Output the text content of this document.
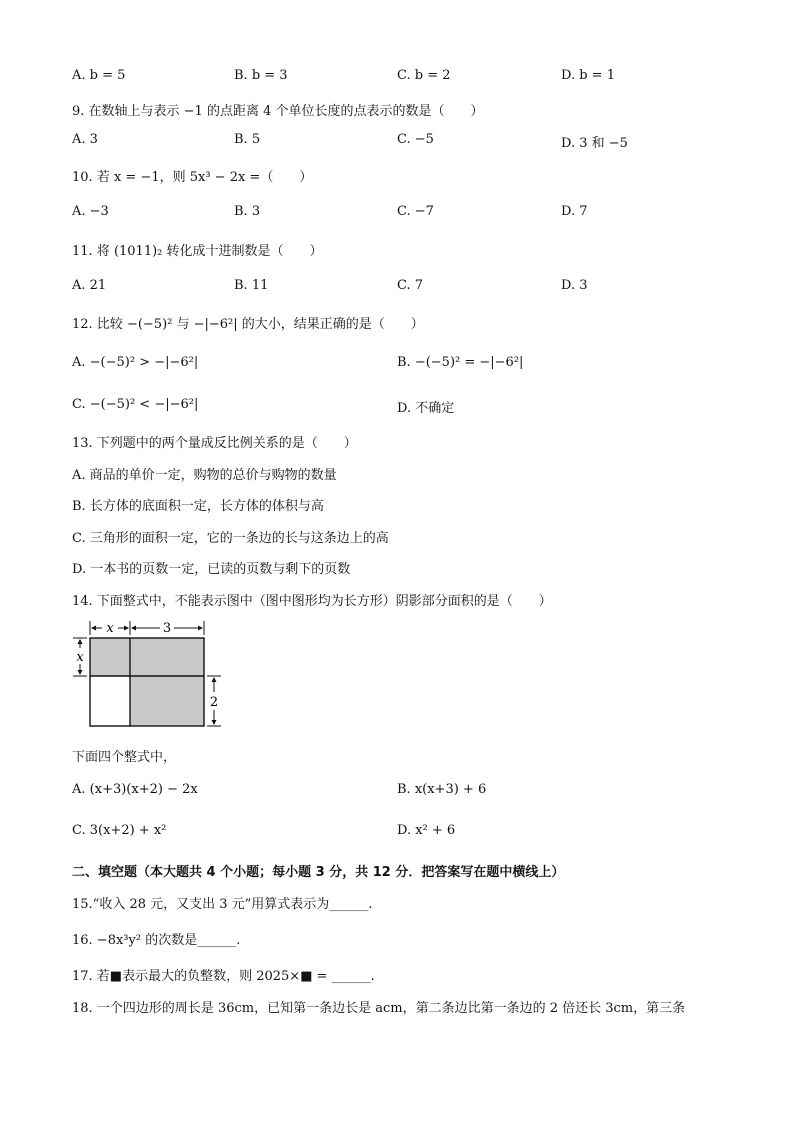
A. b = 5	B. b = 3	C. b = 2	D. b = 1
9. 在数轴上与表示 −1 的点距离 4 个单位长度的点表示的数是（　　）
A. 3	B. 5	C. −5	D. 3 和 −5
10. 若 x = −1，则 5x³ − 2x =（　　）
A. −3	B. 3	C. −7	D. 7
11. 将 (1011)₂ 转化成十进制数是（　　）
A. 21	B. 11	C. 7	D. 3
12. 比较 −(−5)² 与 −|−6²| 的大小，结果正确的是（　　）
A. −(−5)² > −|−6²|	B. −(−5)² = −|−6²|
C. −(−5)² < −|−6²|	D. 不确定
13. 下列题中的两个量成反比例关系的是（　　）
A. 商品的单价一定，购物的总价与购物的数量
B. 长方体的底面积一定，长方体的体积与高
C. 三角形的面积一定，它的一条边的长与这条边上的高
D. 一本书的页数一定，已读的页数与剩下的页数
14. 下面整式中，不能表示图中（图中图形均为长方形）阴影部分面积的是（　　）
x	3
x
2
下面四个整式中，
A. (x+3)(x+2) − 2x	B. x(x+3) + 6
C. 3(x+2) + x²	D. x² + 6
二、填空题（本大题共 4 个小题；每小题 3 分，共 12 分．把答案写在题中横线上）
15.“收入 28 元，又支出 3 元”用算式表示为______.
16. −8x³y² 的次数是______.
17. 若■表示最大的负整数，则 2025×■ = ______.
18. 一个四边形的周长是 36cm，已知第一条边长是 acm，第二条边比第一条边的 2 倍还长 3cm，第三条
